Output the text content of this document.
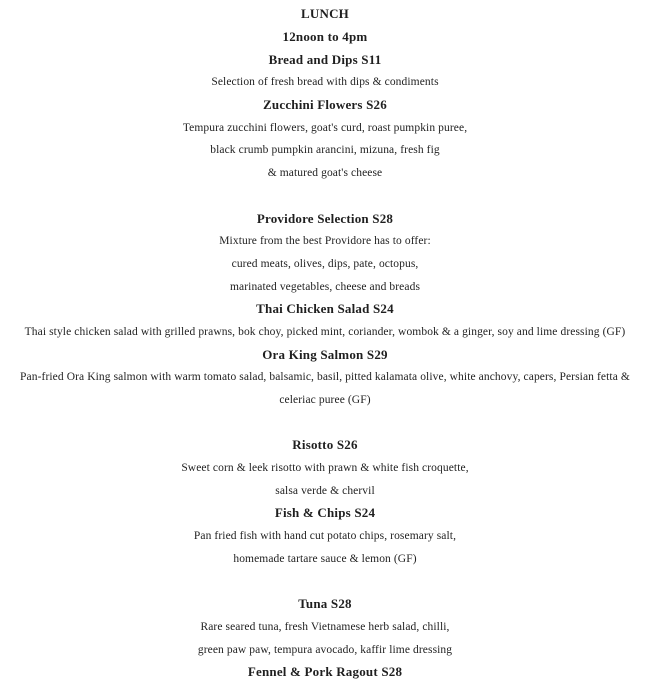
LUNCH
12noon to 4pm
Bread and Dips S11
Selection of fresh bread with dips & condiments
Zucchini Flowers S26
Tempura zucchini flowers, goat's curd, roast pumpkin puree,
black crumb pumpkin arancini, mizuna, fresh fig
& matured goat's cheese
Providore Selection S28
Mixture from the best Providore has to offer:
cured meats, olives, dips, pate, octopus,
marinated vegetables, cheese and breads
Thai Chicken Salad S24
Thai style chicken salad with grilled prawns, bok choy, picked mint, coriander, wombok & a ginger, soy and lime dressing (GF)
Ora King Salmon S29
Pan-fried Ora King salmon with warm tomato salad, balsamic, basil, pitted kalamata olive, white anchovy, capers, Persian fetta &
celeriac puree (GF)
Risotto S26
Sweet corn & leek risotto with prawn & white fish croquette,
salsa verde & chervil
Fish & Chips S24
Pan fried fish with hand cut potato chips, rosemary salt,
homemade tartare sauce & lemon (GF)
Tuna S28
Rare seared tuna, fresh Vietnamese herb salad, chilli,
green paw paw, tempura avocado, kaffir lime dressing
Fennel & Pork Ragout S28
